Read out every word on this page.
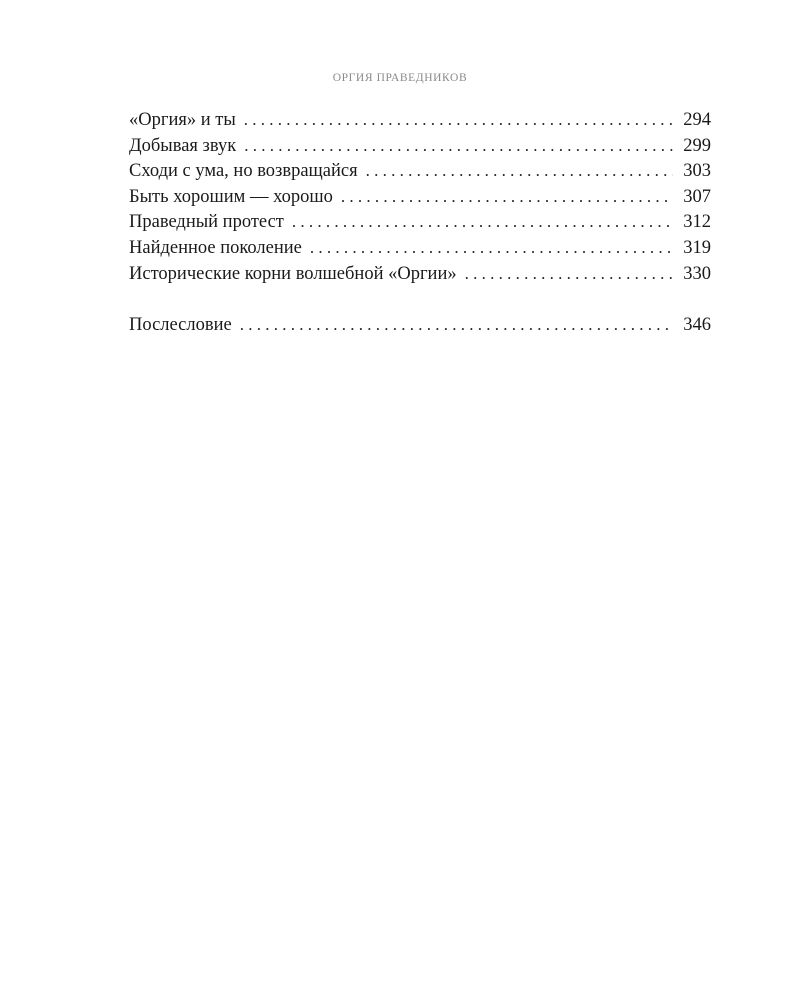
ОРГИЯ ПРАВЕДНИКОВ
«Оргия» и ты . . .	294
Добывая звук . . .	299
Сходи с ума, но возвращайся . . .	303
Быть хорошим — хорошо . . .	307
Праведный протест . . .	312
Найденное поколение . . .	319
Исторические корни волшебной «Оргии» . . .	330
Послесловие . . .	346
